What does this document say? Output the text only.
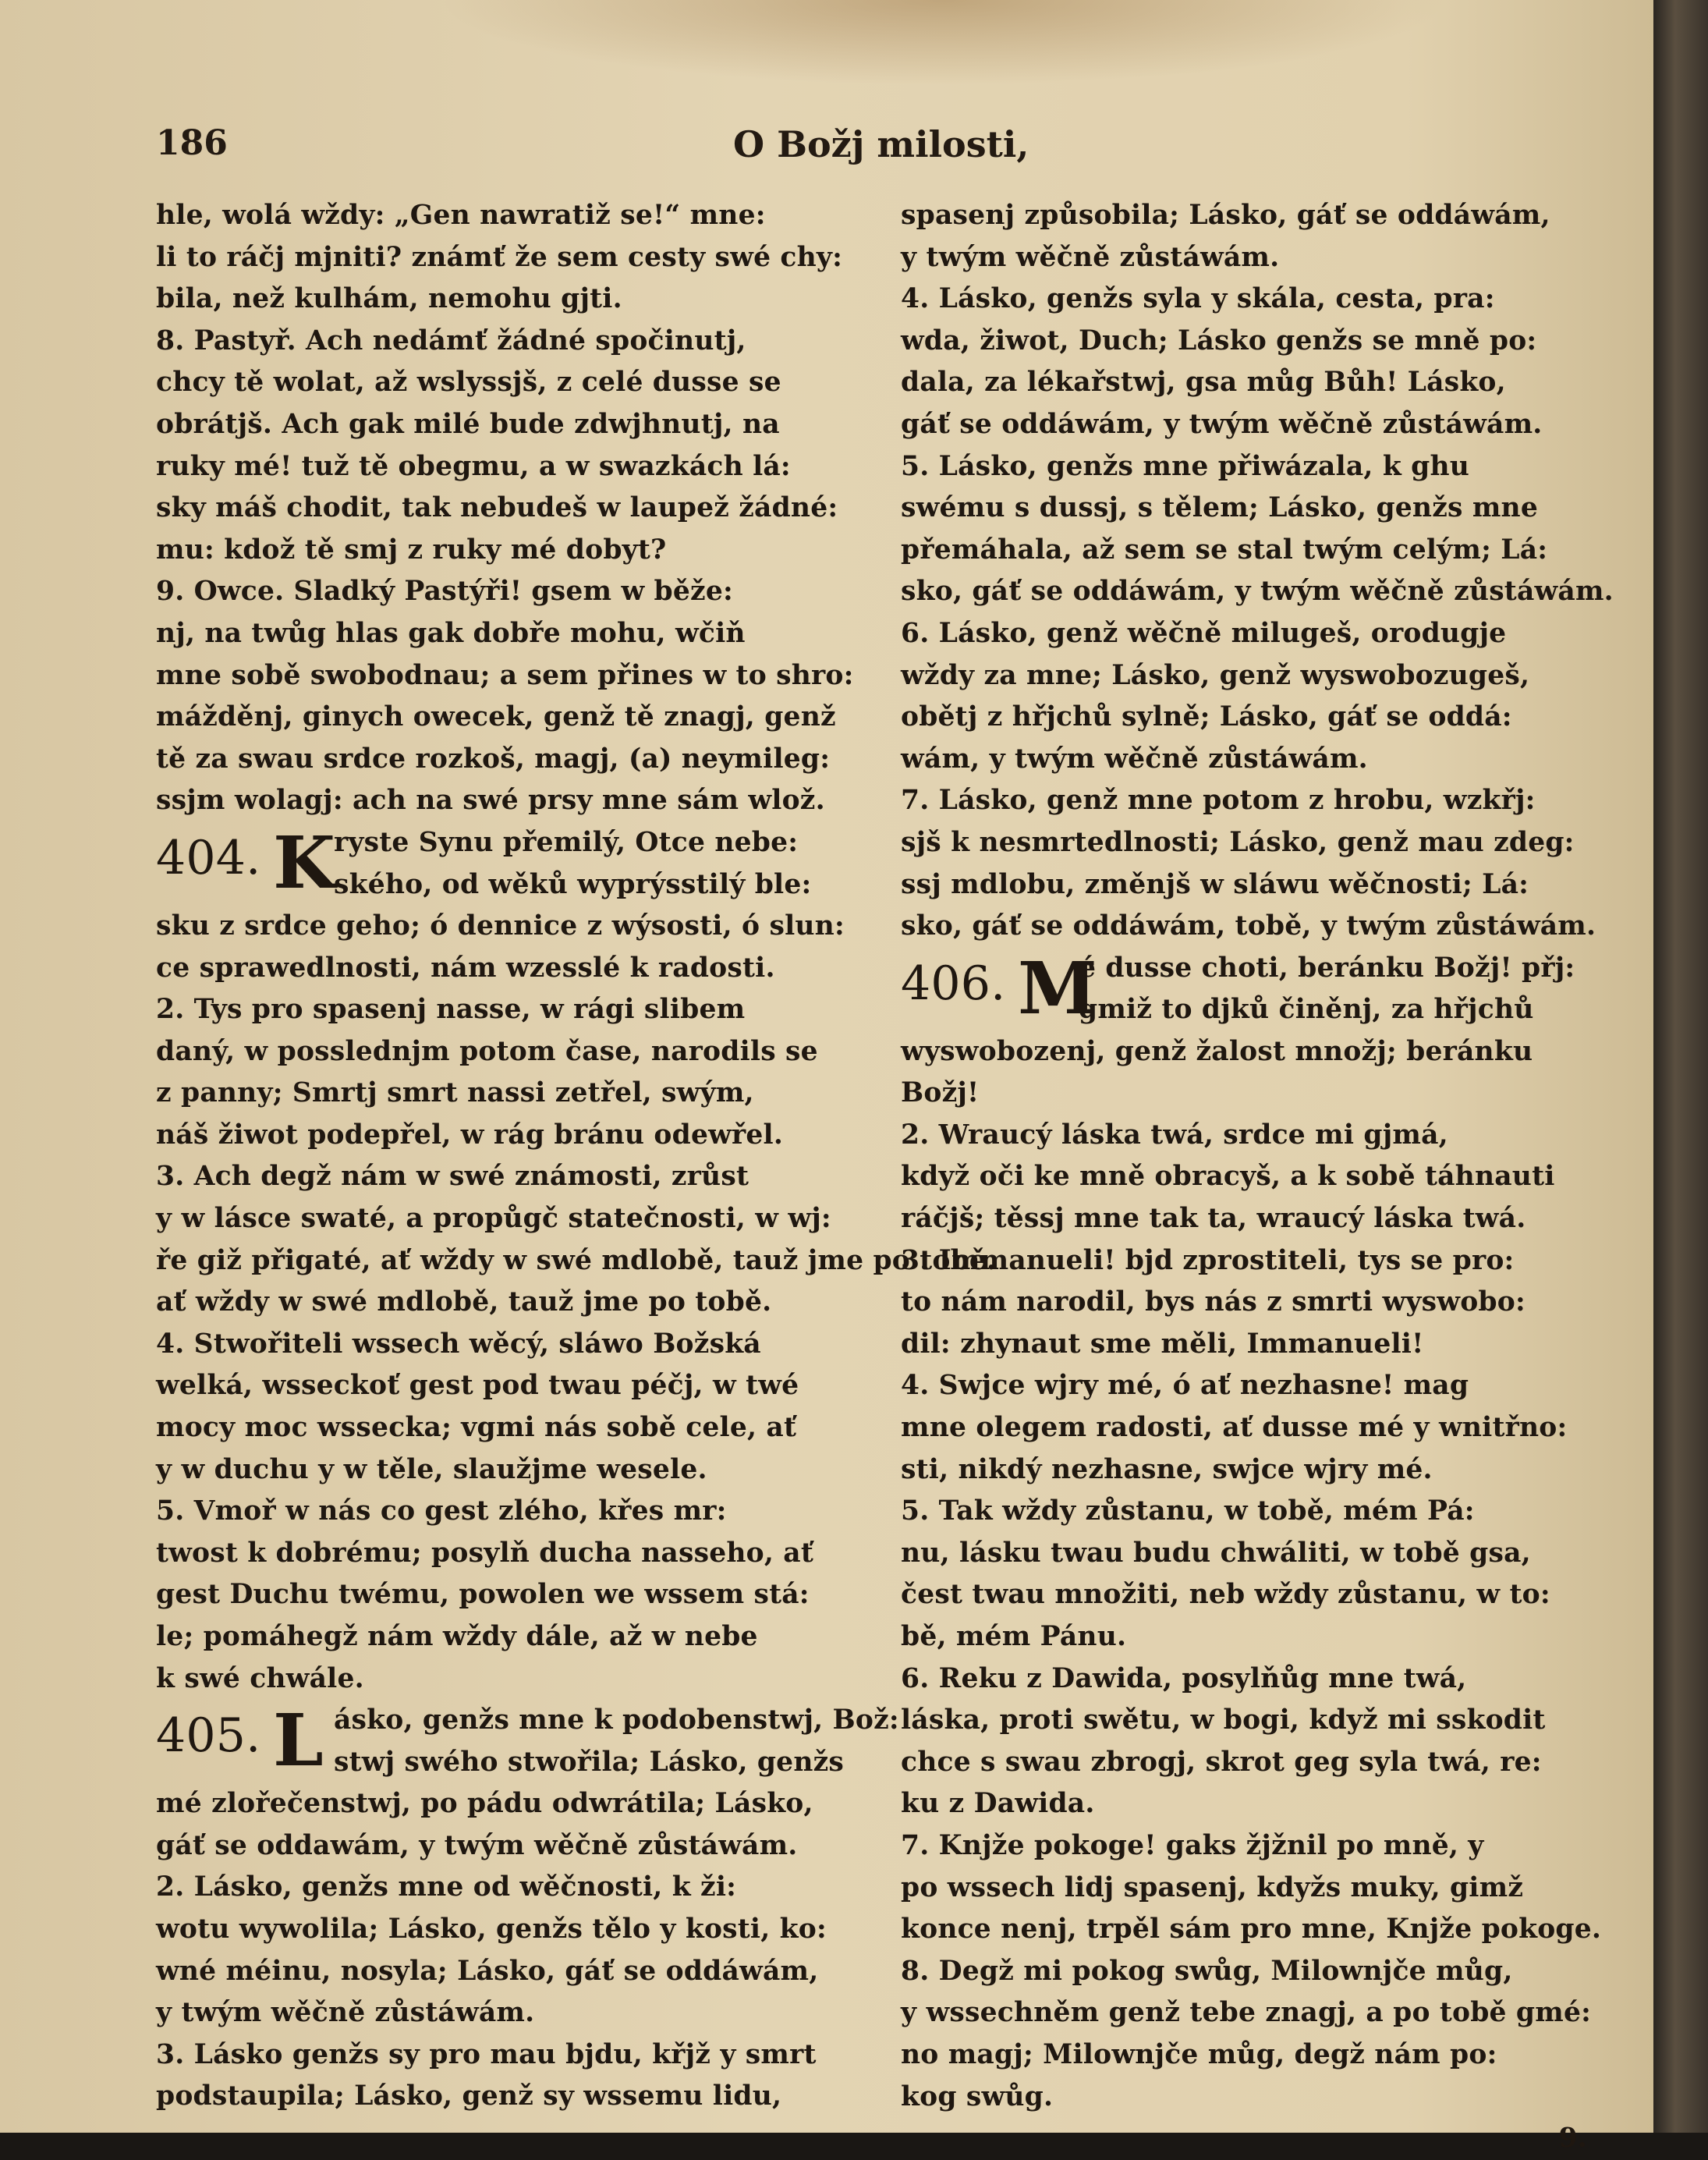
186	O Božj milosti,
hle, wolá wždy: „Gen nawratiž se!“ mne:
li to ráčj mjniti? známť že sem cesty swé chy:
bila, než kulhám, nemohu gjti.
8. Pastyř. Ach nedámť žádné spočinutj,
chcy tě wolat, až wslyssjš, z celé dusse se
obrátjš. Ach gak milé bude zdwjhnutj, na
ruky mé! tuž tě obegmu, a w swazkách lá:
sky máš chodit, tak nebudeš w laupež žádné:
mu: kdož tě smj z ruky mé dobyt?
9. Owce. Sladký Pastýři! gsem w běže:
nj, na twůg hlas gak dobře mohu, wčiň
mne sobě swobodnau; a sem přines w to shro:
mážděnj, ginych owecek, genž tě znagj, genž
tě za swau srdce rozkoš, magj, (a) neymileg:
ssjm wolagj: ach na swé prsy mne sám wlož.
404. K
ryste Synu přemilý, Otce nebe:
ského, od wěků wyprýsstilý ble:
sku z srdce geho; ó dennice z wýsosti, ó slun:
ce sprawedlnosti, nám wzesslé k radosti.
2. Tys pro spasenj nasse, w rági slibem
daný, w posslednjm potom čase, narodils se
z panny; Smrtj smrt nassi zetřel, swým,
náš žiwot podepřel, w rág bránu odewřel.
3. Ach degž nám w swé známosti, zrůst
y w lásce swaté, a propůgč statečnosti, w wj:
ře giž přigaté, ať wždy w swé mdlobě, tauž jme po tobě.
ať wždy w swé mdlobě, tauž jme po tobě.
4. Stwořiteli wssech wěcý, sláwo Božská
welká, wsseckoť gest pod twau péčj, w twé
mocy moc wssecka; vgmi nás sobě cele, ať
y w duchu y w těle, slaužjme wesele.
5. Vmoř w nás co gest zlého, křes mr:
twost k dobrému; posylň ducha nasseho, ať
gest Duchu twému, powolen we wssem stá:
le; pomáhegž nám wždy dále, až w nebe
k swé chwále.
405. L ásko, genžs mne k podobenstwj, Bož:
stwj swého stwořila; Lásko, genžs
mé zlořečenstwj, po pádu odwrátila; Lásko,
gáť se oddawám, y twým wěčně zůstáwám.
2. Lásko, genžs mne od wěčnosti, k ži:
wotu wywolila; Lásko, genžs tělo y kosti, ko:
wné méinu, nosyla; Lásko, gáť se oddáwám,
y twým wěčně zůstáwám.
3. Lásko genžs sy pro mau bjdu, křjž y smrt
podstaupila; Lásko, genž sy wssemu lidu,
spasenj způsobila; Lásko, gáť se oddáwám,
y twým wěčně zůstáwám.
4. Lásko, genžs syla y skála, cesta, pra:
wda, žiwot, Duch; Lásko genžs se mně po:
dala, za lékařstwj, gsa můg Bůh! Lásko,
gáť se oddáwám, y twým wěčně zůstáwám.
5. Lásko, genžs mne přiwázala, k ghu
swému s dussj, s tělem; Lásko, genžs mne
přemáhala, až sem se stal twým celým; Lá:
sko, gáť se oddáwám, y twým wěčně zůstáwám.
6. Lásko, genž wěčně milugeš, orodugje
wždy za mne; Lásko, genž wyswobozugeš,
obětj z hřjchů sylně; Lásko, gáť se oddá:
wám, y twým wěčně zůstáwám.
7. Lásko, genž mne potom z hrobu, wzkřj:
sjš k nesmrtedlnosti; Lásko, genž mau zdeg:
ssj mdlobu, změnjš w sláwu wěčnosti; Lá:
sko, gáť se oddáwám, tobě, y twým zůstáwám.
406. M
é dusse choti, beránku Božj! přj:
gmiž to djků činěnj, za hřjchů
wyswobozenj, genž žalost množj; beránku
Božj!
2. Wraucý láska twá, srdce mi gjmá,
když oči ke mně obracyš, a k sobě táhnauti
ráčjš; těssj mne tak ta, wraucý láska twá.
3. Immanueli! bjd zprostiteli, tys se pro:
to nám narodil, bys nás z smrti wyswobo:
dil: zhynaut sme měli, Immanueli!
4. Swjce wjry mé, ó ať nezhasne! mag
mne olegem radosti, ať dusse mé y wnitřno:
sti, nikdý nezhasne, swjce wjry mé.
5. Tak wždy zůstanu, w tobě, mém Pá:
nu, lásku twau budu chwáliti, w tobě gsa,
čest twau množiti, neb wždy zůstanu, w to:
bě, mém Pánu.
6. Reku z Dawida, posylňůg mne twá,
láska, proti swětu, w bogi, když mi sskodit
chce s swau zbrogj, skrot geg syla twá, re:
ku z Dawida.
7. Knjže pokoge! gaks žjžnil po mně, y
po wssech lidj spasenj, kdyžs muky, gimž
konce nenj, trpěl sám pro mne, Knjže pokoge.
8. Degž mi pokog swůg, Milownjče můg,
y wssechněm genž tebe znagj, a po tobě gmé:
no magj; Milownjče můg, degž nám po:
kog swůg.
9.
